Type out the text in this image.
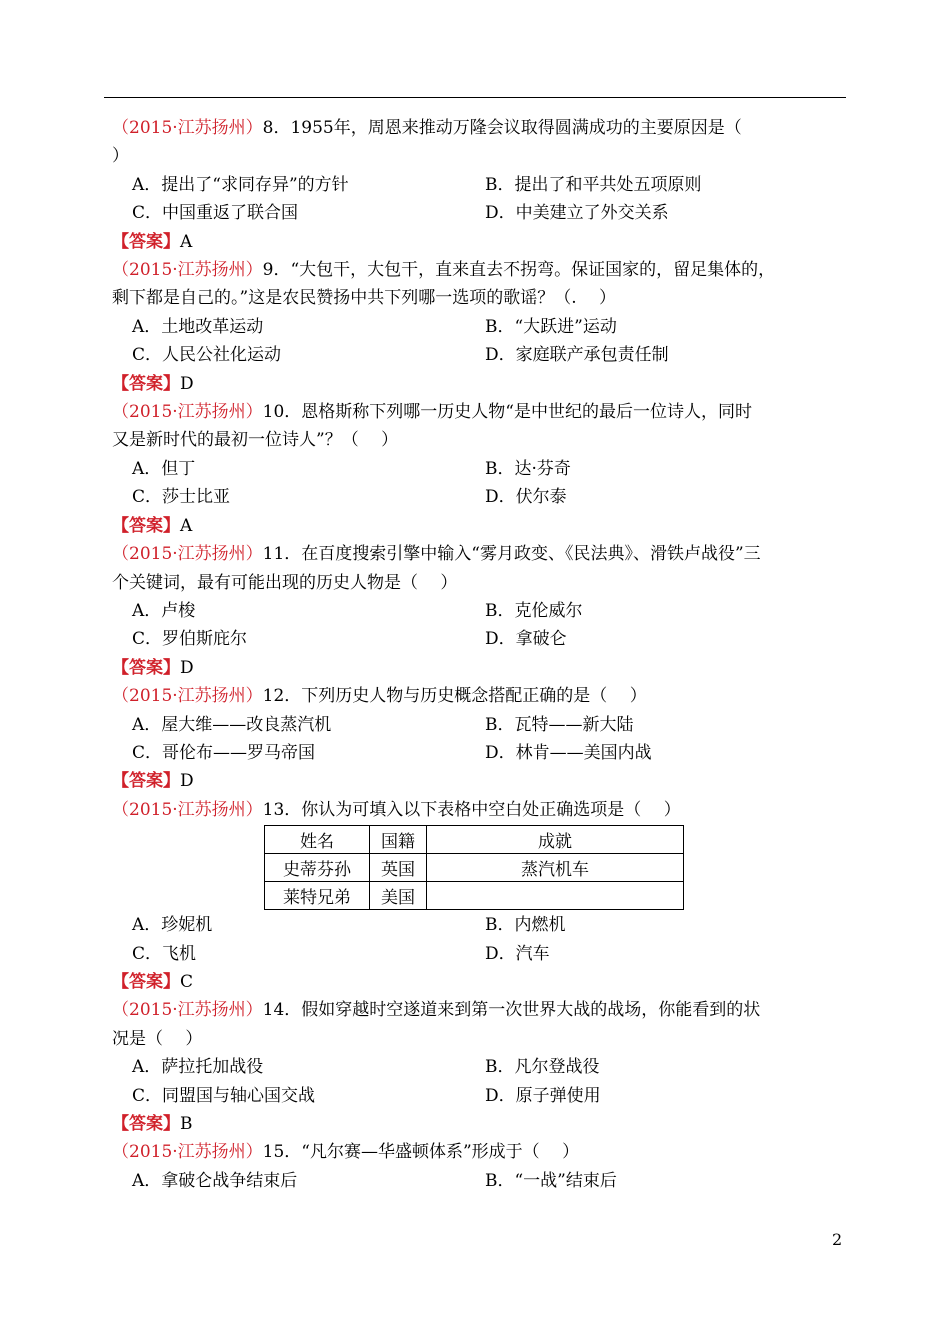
（2015·江苏扬州）8．1955年，周恩来推动万隆会议取得圆满成功的主要原因是（
）
A．提出了“求同存异”的方针	B．提出了和平共处五项原则
C．中国重返了联合国	D．中美建立了外交关系
【答案】A
（2015·江苏扬州）9．“大包干，大包干，直来直去不拐弯。保证国家的，留足集体的，
剩下都是自己的。”这是农民赞扬中共下列哪一选项的歌谣？（.　 ）
A．土地改革运动	B．“大跃进”运动
C．人民公社化运动	D．家庭联产承包责任制
【答案】D
（2015·江苏扬州）10．恩格斯称下列哪一历史人物“是中世纪的最后一位诗人，同时
又是新时代的最初一位诗人”？（　 ）
A．但丁	B．达·芬奇
C．莎士比亚	D．伏尔泰
【答案】A
（2015·江苏扬州）11．在百度搜索引擎中输入“雾月政变、《民法典》、滑铁卢战役”三
个关键词，最有可能出现的历史人物是（　 ）
A．卢梭	B．克伦威尔
C．罗伯斯庇尔	D．拿破仑
【答案】D
（2015·江苏扬州）12．下列历史人物与历史概念搭配正确的是（　 ）
A．屋大维——改良蒸汽机	B．瓦特——新大陆
C．哥伦布——罗马帝国	D．林肯——美国内战
【答案】D
（2015·江苏扬州）13．你认为可填入以下表格中空白处正确选项是（　 ）
姓名	国籍	成就
史蒂芬孙	英国	蒸汽机车
莱特兄弟	美国	
A．珍妮机	B．内燃机
C．飞机	D．汽车
【答案】C
（2015·江苏扬州）14．假如穿越时空遂道来到第一次世界大战的战场，你能看到的状
况是（　 ）
A．萨拉托加战役	B．凡尔登战役
C．同盟国与轴心国交战	D．原子弹使用
【答案】B
（2015·江苏扬州）15．“凡尔赛—华盛顿体系”形成于（　 ）
A．拿破仑战争结束后	B．“一战”结束后
2
